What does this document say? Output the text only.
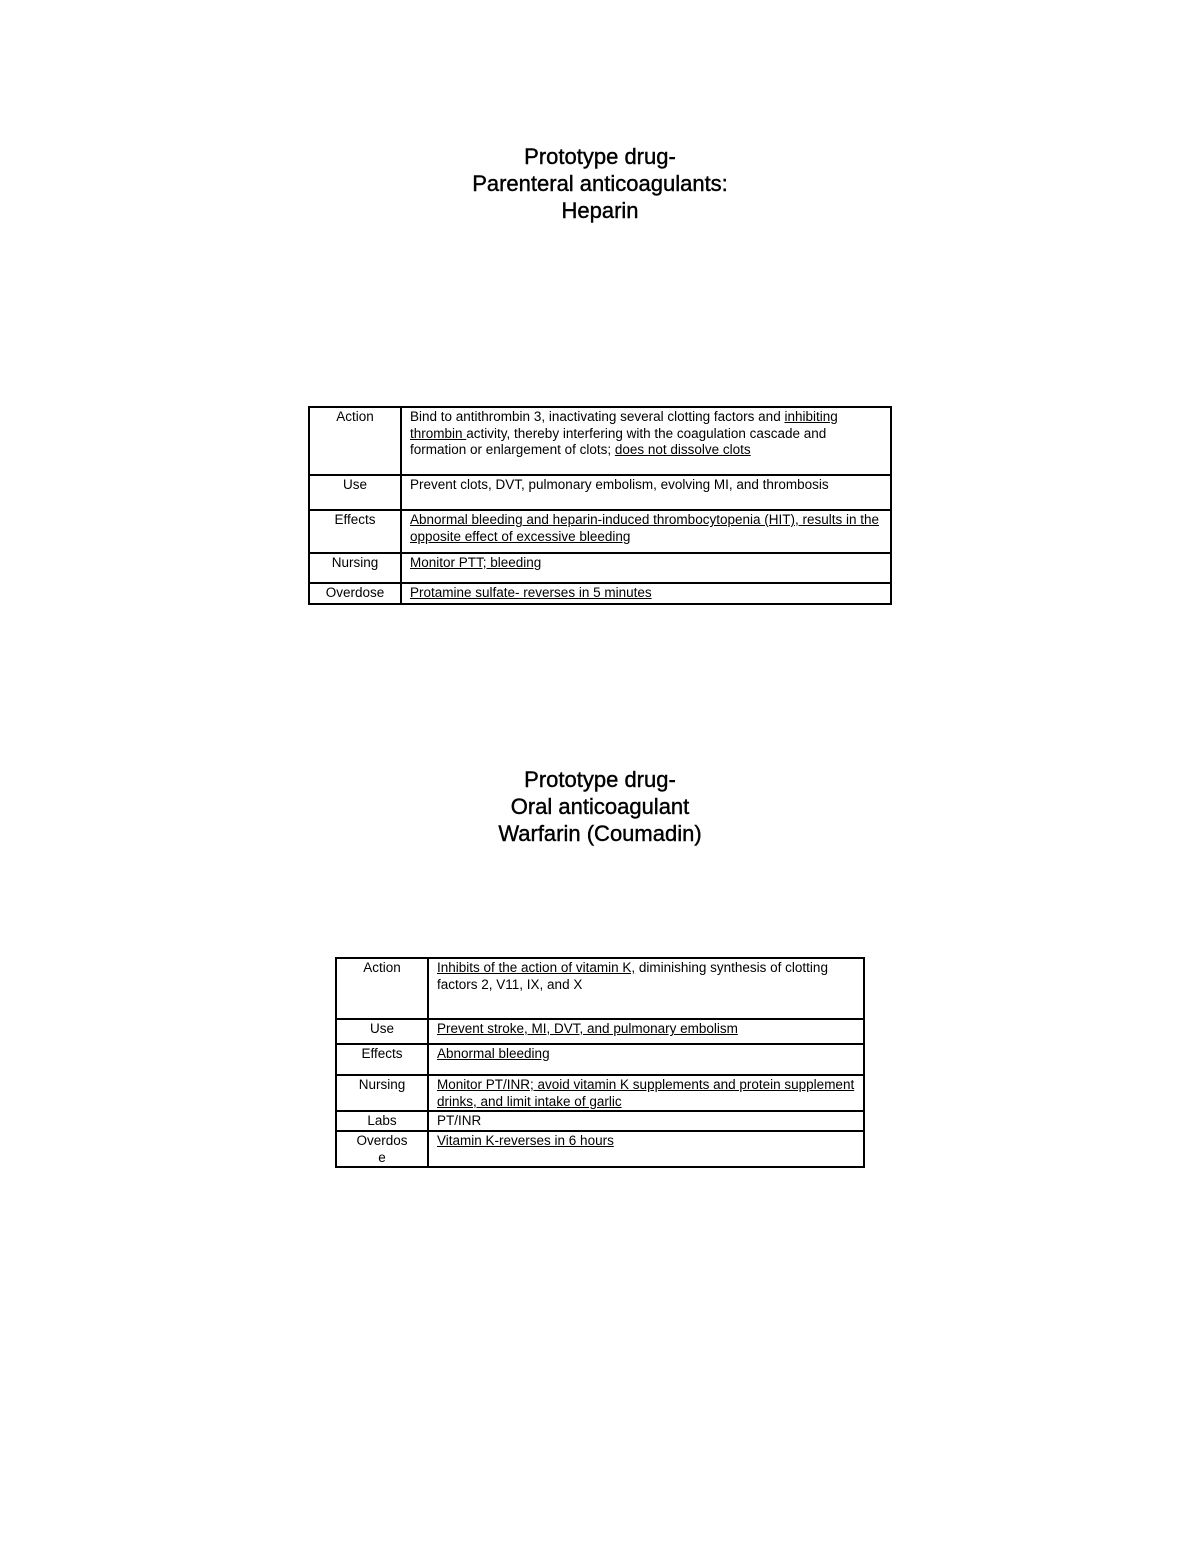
Prototype drug-
Parenteral anticoagulants:
Heparin
Action	Bind to antithrombin 3, inactivating several clotting factors and inhibiting thrombin activity, thereby interfering with the coagulation cascade and formation or enlargement of clots; does not dissolve clots
Use	Prevent clots, DVT, pulmonary embolism, evolving MI, and thrombosis
Effects	Abnormal bleeding and heparin-induced thrombocytopenia (HIT), results in the opposite effect of excessive bleeding
Nursing	Monitor PTT; bleeding
Overdose	Protamine sulfate- reverses in 5 minutes
Prototype drug-
Oral anticoagulant
Warfarin (Coumadin)
Action	Inhibits of the action of vitamin K, diminishing synthesis of clotting factors 2, V11, IX, and X
Use	Prevent stroke, MI, DVT, and pulmonary embolism
Effects	Abnormal bleeding
Nursing	Monitor PT/INR; avoid vitamin K supplements and protein supplement drinks, and limit intake of garlic
Labs	PT/INR

Overdos
e	Vitamin K-reverses in 6 hours
